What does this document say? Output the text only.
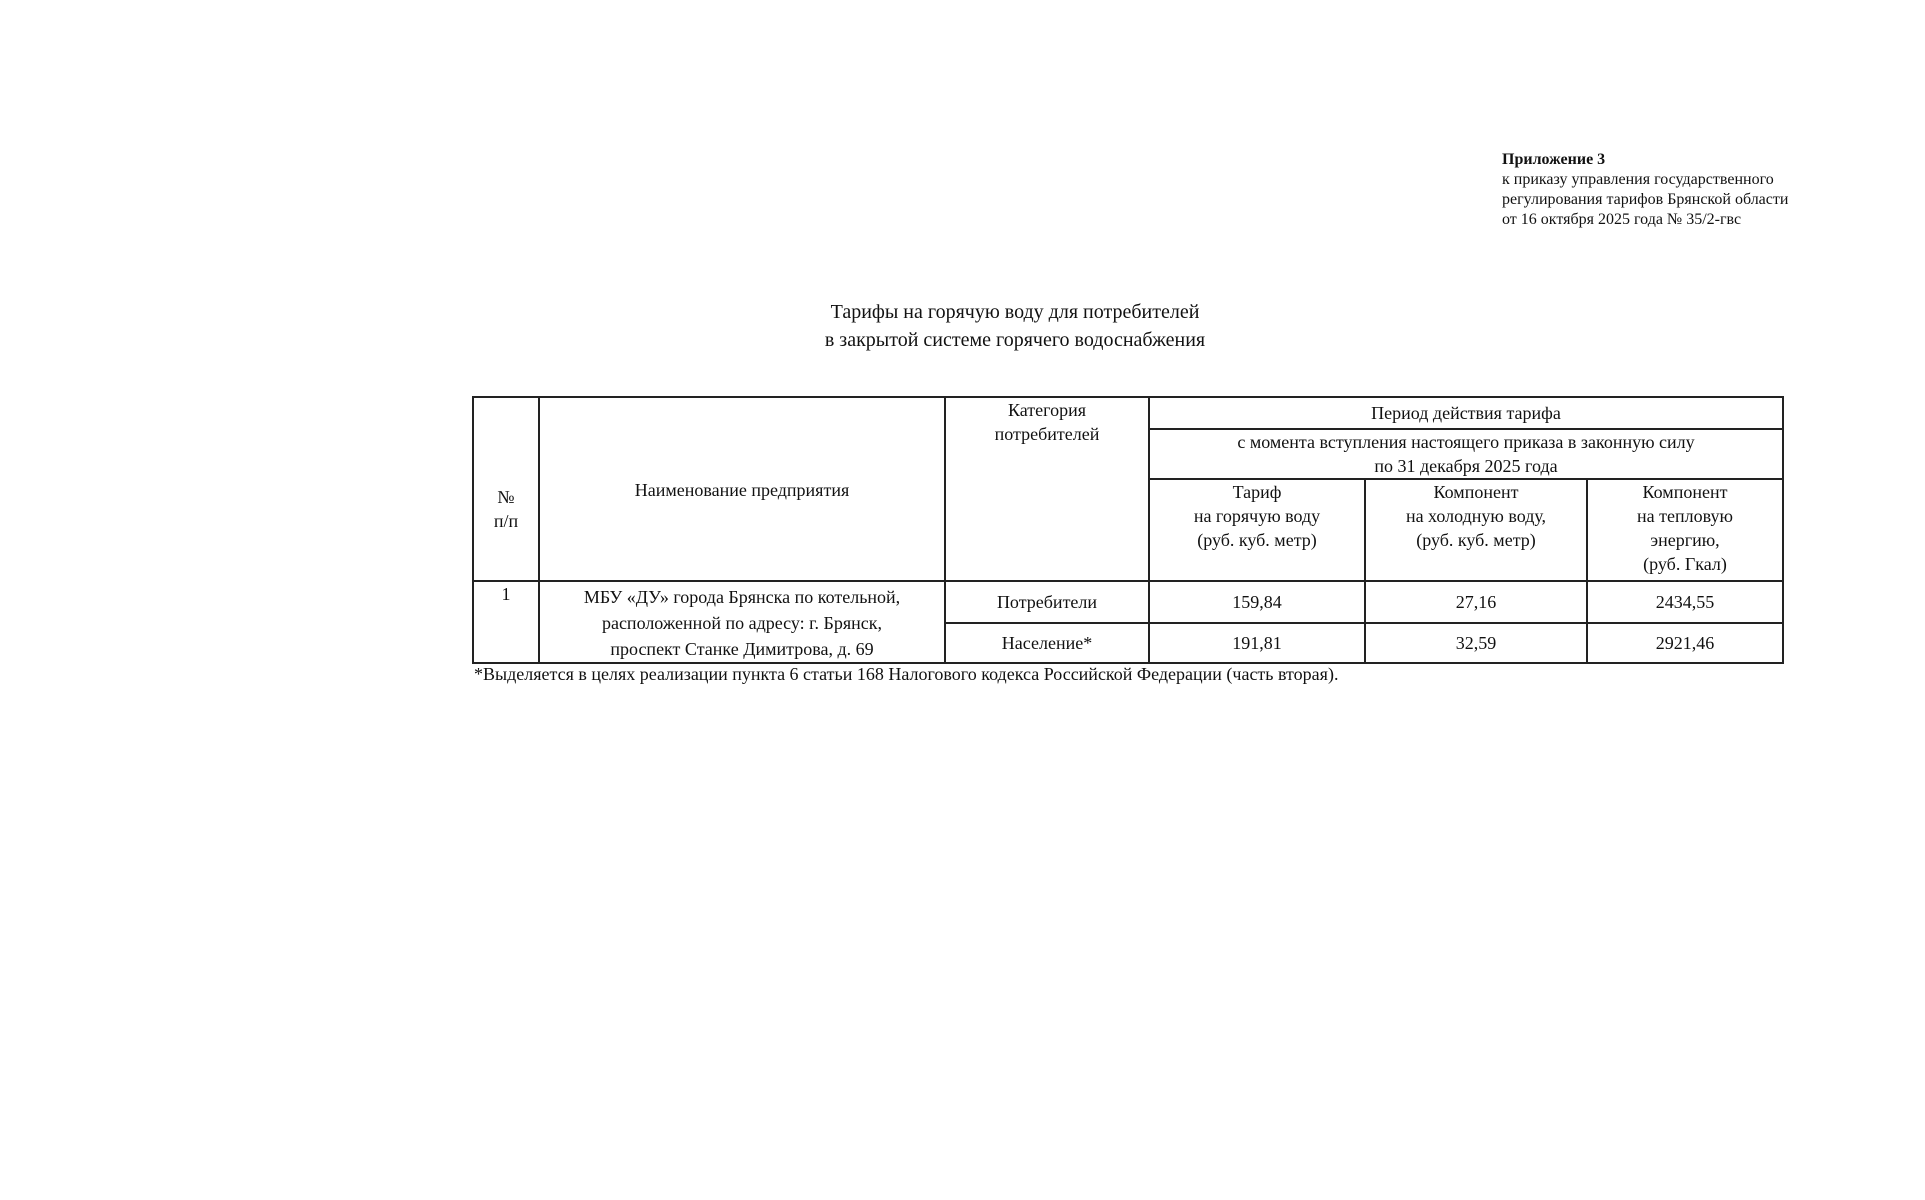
Приложение 3
к приказу управления государственного
регулирования тарифов Брянской области
от 16 октября 2025 года № 35/2-гвс
Тарифы на горячую воду для потребителей
в закрытой системе горячего водоснабжения
№
п/п	Наименование предприятия	Категория
потребителей	Период действия тарифа		

			с момента вступления настоящего приказа в законную силу
по 31 декабря 2025 года		

			Тариф
на горячую воду
(руб. куб. метр)	Компонент
на холодную воду,
(руб. куб. метр)	Компонент
на тепловую
энергию,
(руб. Гкал)

1	МБУ «ДУ» города Брянска по котельной,
расположенной по адресу: г. Брянск,
проспект Станке Димитрова, д. 69	Потребители	159,84	27,16	2434,55
		Население*	191,81	32,59	2921,46
*Выделяется в целях реализации пункта 6 статьи 168 Налогового кодекса Российской Федерации (часть вторая).
